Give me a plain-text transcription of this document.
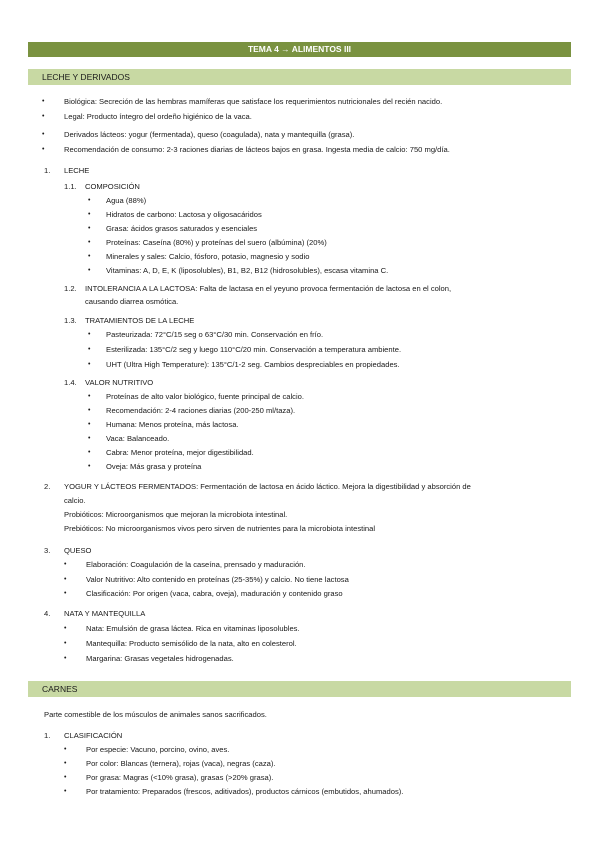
TEMA 4 → ALIMENTOS III
LECHE Y DERIVADOS
•	Biológica: Secreción de las hembras mamíferas que satisface los requerimientos nutricionales del recién nacido.
•	Legal: Producto íntegro del ordeño higiénico de la vaca.
•	Derivados lácteos: yogur (fermentada), queso (coagulada), nata y mantequilla (grasa).
•	Recomendación de consumo: 2-3 raciones diarias de lácteos bajos en grasa. Ingesta media de calcio: 750 mg/día.
1. LECHE
1.1. COMPOSICIÓN
• Agua (88%)
• Hidratos de carbono: Lactosa y oligosacáridos
• Grasa: ácidos grasos saturados y esenciales
• Proteínas: Caseína (80%) y proteínas del suero (albúmina) (20%)
• Minerales y sales: Calcio, fósforo, potasio, magnesio y sodio
• Vitaminas: A, D, E, K (liposolubles), B1, B2, B12 (hidrosolubles), escasa vitamina C.
1.2. INTOLERANCIA A LA LACTOSA: Falta de lactasa en el yeyuno provoca fermentación de lactosa en el colon,
causando diarrea osmótica.
1.3. TRATAMIENTOS DE LA LECHE
• Pasteurizada: 72°C/15 seg o 63°C/30 min. Conservación en frío.
• Esterilizada: 135°C/2 seg y luego 110°C/20 min. Conservación a temperatura ambiente.
• UHT (Ultra High Temperature): 135°C/1-2 seg. Cambios despreciables en propiedades.
1.4. VALOR NUTRITIVO
• Proteínas de alto valor biológico, fuente principal de calcio.
• Recomendación: 2-4 raciones diarias (200-250 ml/taza).
• Humana: Menos proteína, más lactosa.
• Vaca: Balanceado.
• Cabra: Menor proteína, mejor digestibilidad.
• Oveja: Más grasa y proteína
2. YOGUR Y LÁCTEOS FERMENTADOS: Fermentación de lactosa en ácido láctico. Mejora la digestibilidad y absorción de
calcio.
Probióticos: Microorganismos que mejoran la microbiota intestinal.
Prebióticos: No microorganismos vivos pero sirven de nutrientes para la microbiota intestinal
3. QUESO
•	Elaboración: Coagulación de la caseína, prensado y maduración.
•	Valor Nutritivo: Alto contenido en proteínas (25-35%) y calcio. No tiene lactosa
•	Clasificación: Por origen (vaca, cabra, oveja), maduración y contenido graso
4. NATA Y MANTEQUILLA
•	Nata: Emulsión de grasa láctea. Rica en vitaminas liposolubles.
•	Mantequilla: Producto semisólido de la nata, alto en colesterol.
•	Margarina: Grasas vegetales hidrogenadas.
CARNES
Parte comestible de los músculos de animales sanos sacrificados.
1. CLASIFICACIÓN
•	Por especie: Vacuno, porcino, ovino, aves.
•	Por color: Blancas (ternera), rojas (vaca), negras (caza).
•	Por grasa: Magras (<10% grasa), grasas (>20% grasa).
•	Por tratamiento: Preparados (frescos, aditivados), productos cárnicos (embutidos, ahumados).
